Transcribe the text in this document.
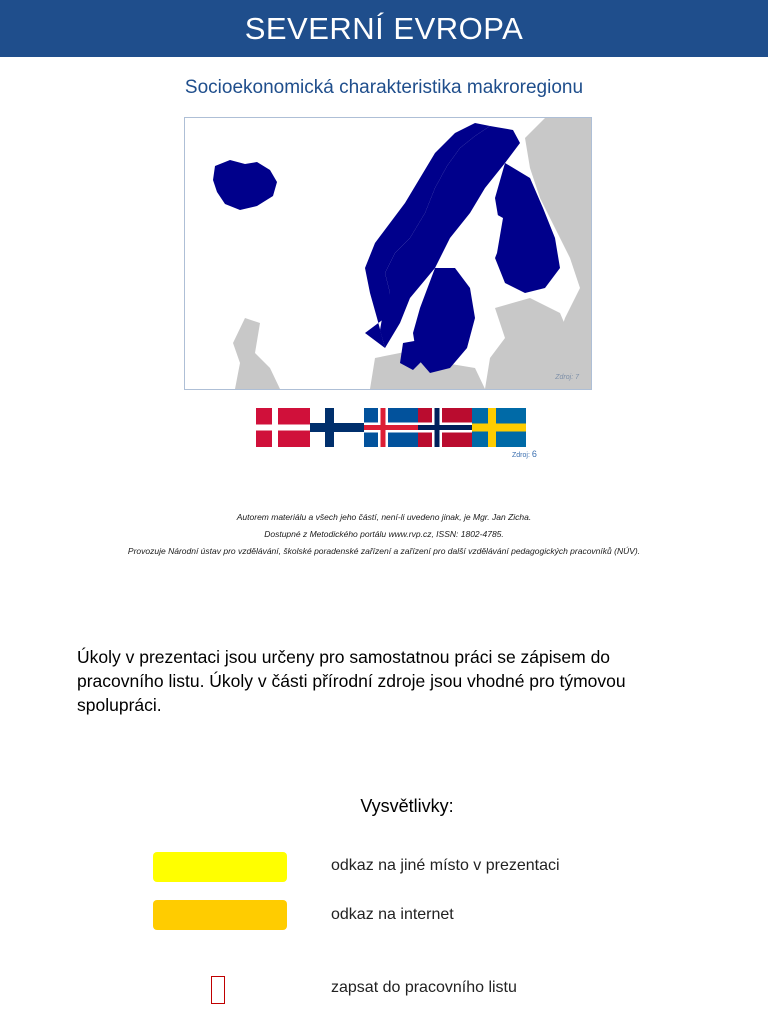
SEVERNÍ EVROPA
Socioekonomická charakteristika makroregionu
Zdroj: 7
Zdroj: 6
Autorem materiálu a všech jeho částí, není-li uvedeno jinak, je Mgr. Jan Zicha.
Dostupné z Metodického portálu www.rvp.cz, ISSN: 1802-4785.
Provozuje Národní ústav pro vzdělávání, školské poradenské zařízení a zařízení pro další vzdělávání pedagogických pracovníků (NÚV).
Úkoly v prezentaci jsou určeny pro samostatnou práci se zápisem do pracovního listu. Úkoly v části přírodní zdroje jsou vhodné pro týmovou spolupráci.
Vysvětlivky:
odkaz na jiné místo v prezentaci
odkaz na internet
zapsat do pracovního listu
